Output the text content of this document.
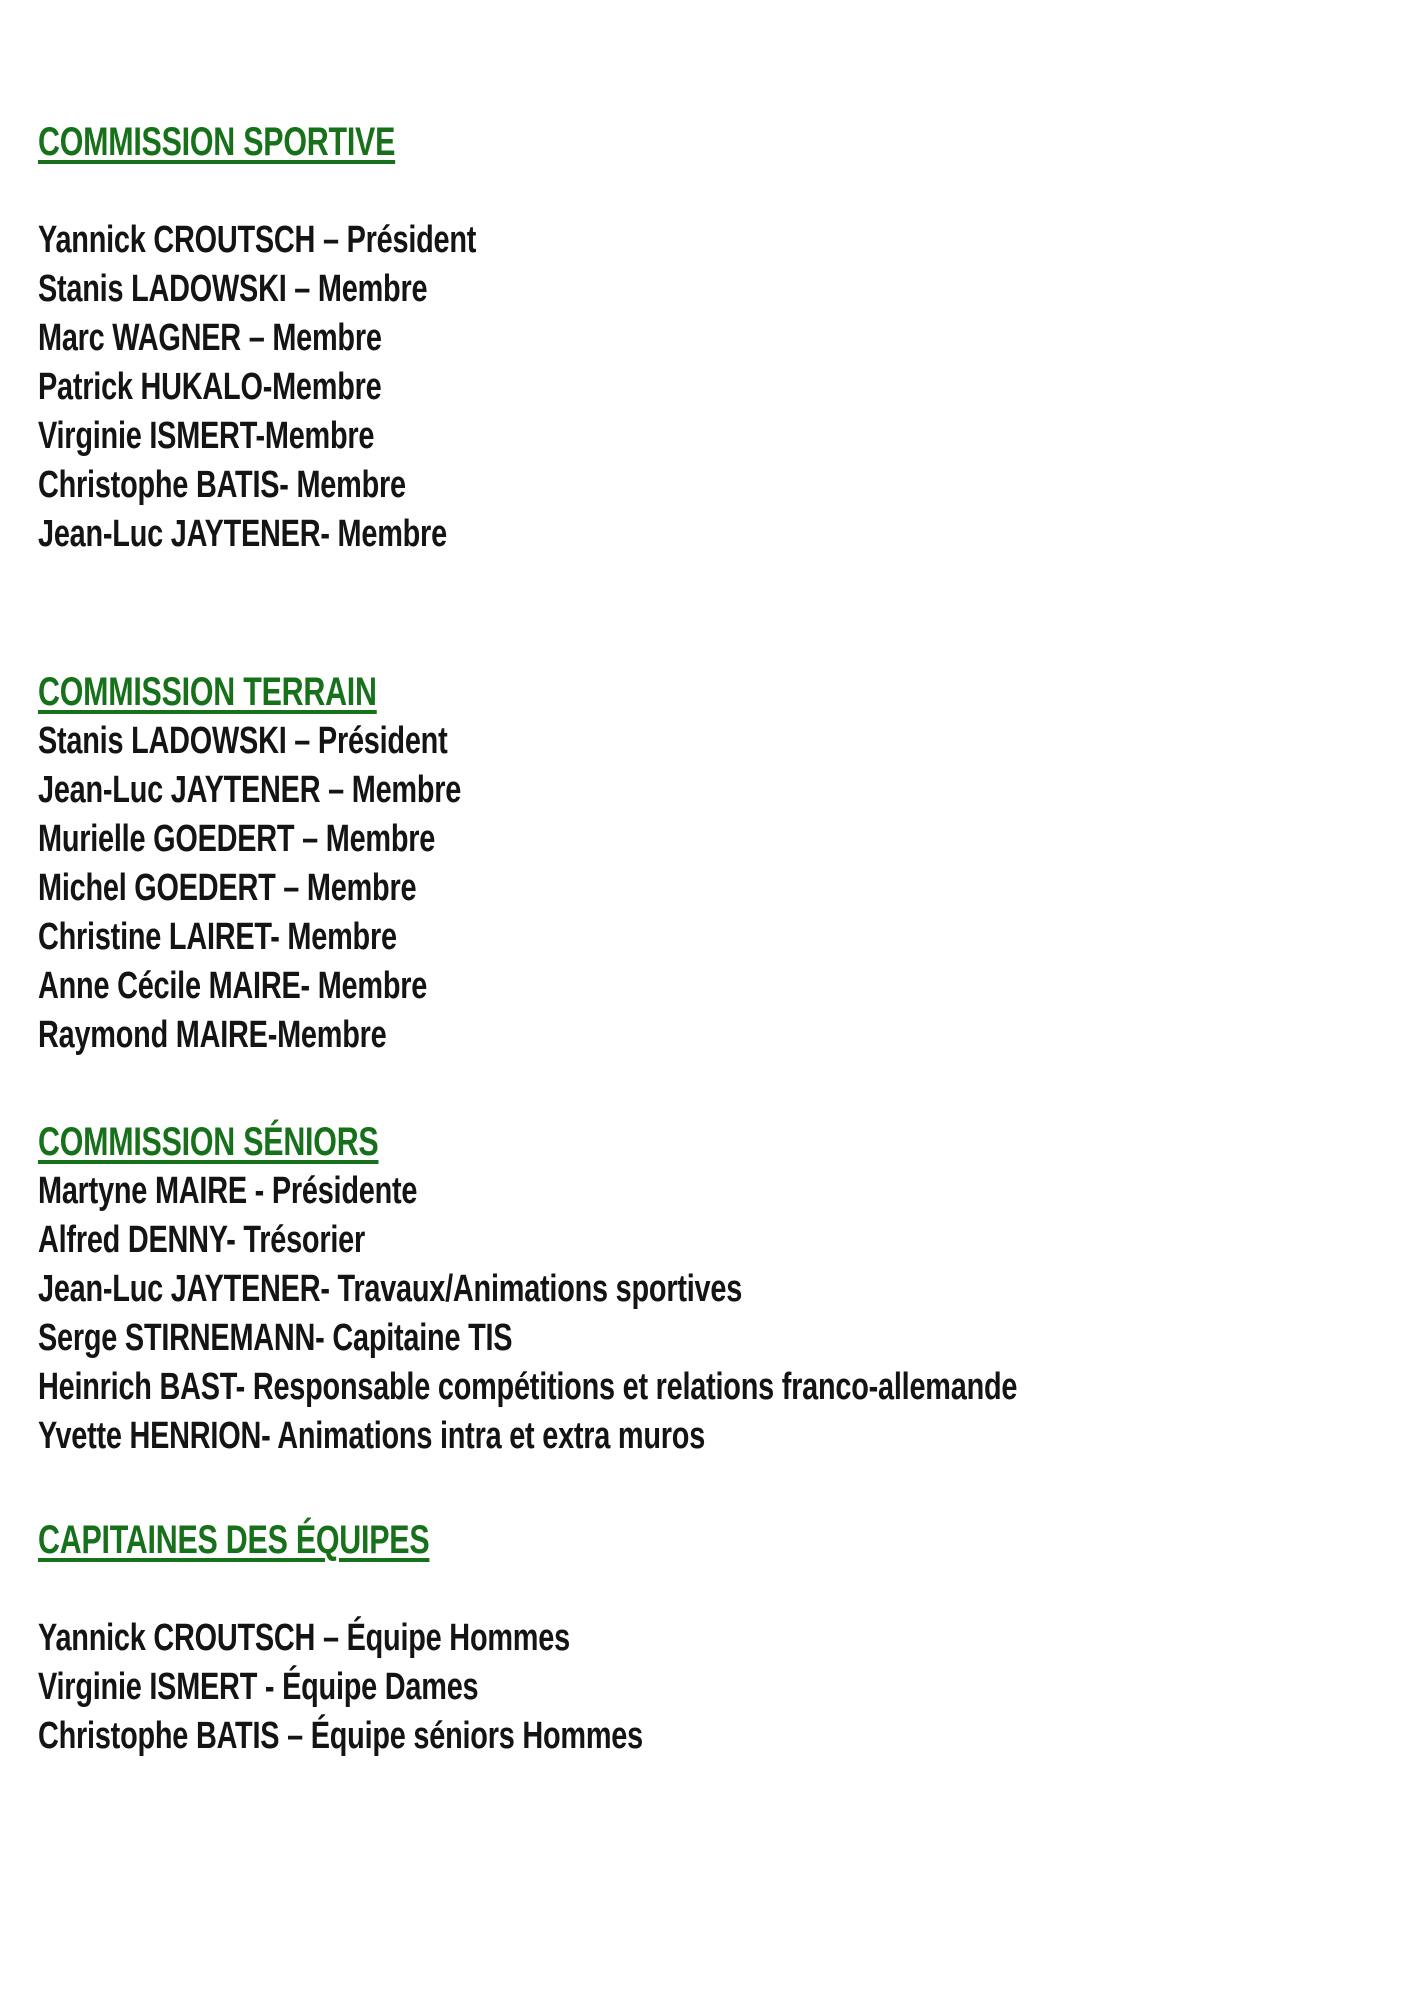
COMMISSION SPORTIVE
Yannick CROUTSCH – Président
Stanis LADOWSKI – Membre
Marc WAGNER – Membre
Patrick HUKALO-Membre
Virginie ISMERT-Membre
Christophe BATIS- Membre
Jean-Luc JAYTENER- Membre
COMMISSION TERRAIN
Stanis LADOWSKI – Président
Jean-Luc JAYTENER – Membre
Murielle GOEDERT – Membre
Michel GOEDERT – Membre
Christine LAIRET- Membre
Anne Cécile MAIRE- Membre
Raymond MAIRE-Membre
COMMISSION SÉNIORS
Martyne MAIRE - Présidente
Alfred DENNY- Trésorier
Jean-Luc JAYTENER- Travaux/Animations sportives
Serge STIRNEMANN- Capitaine TIS
Heinrich BAST- Responsable compétitions et relations franco-allemande
Yvette HENRION- Animations intra et extra muros
CAPITAINES DES ÉQUIPES
Yannick CROUTSCH – Équipe Hommes
Virginie ISMERT - Équipe Dames
Christophe BATIS – Équipe séniors Hommes
